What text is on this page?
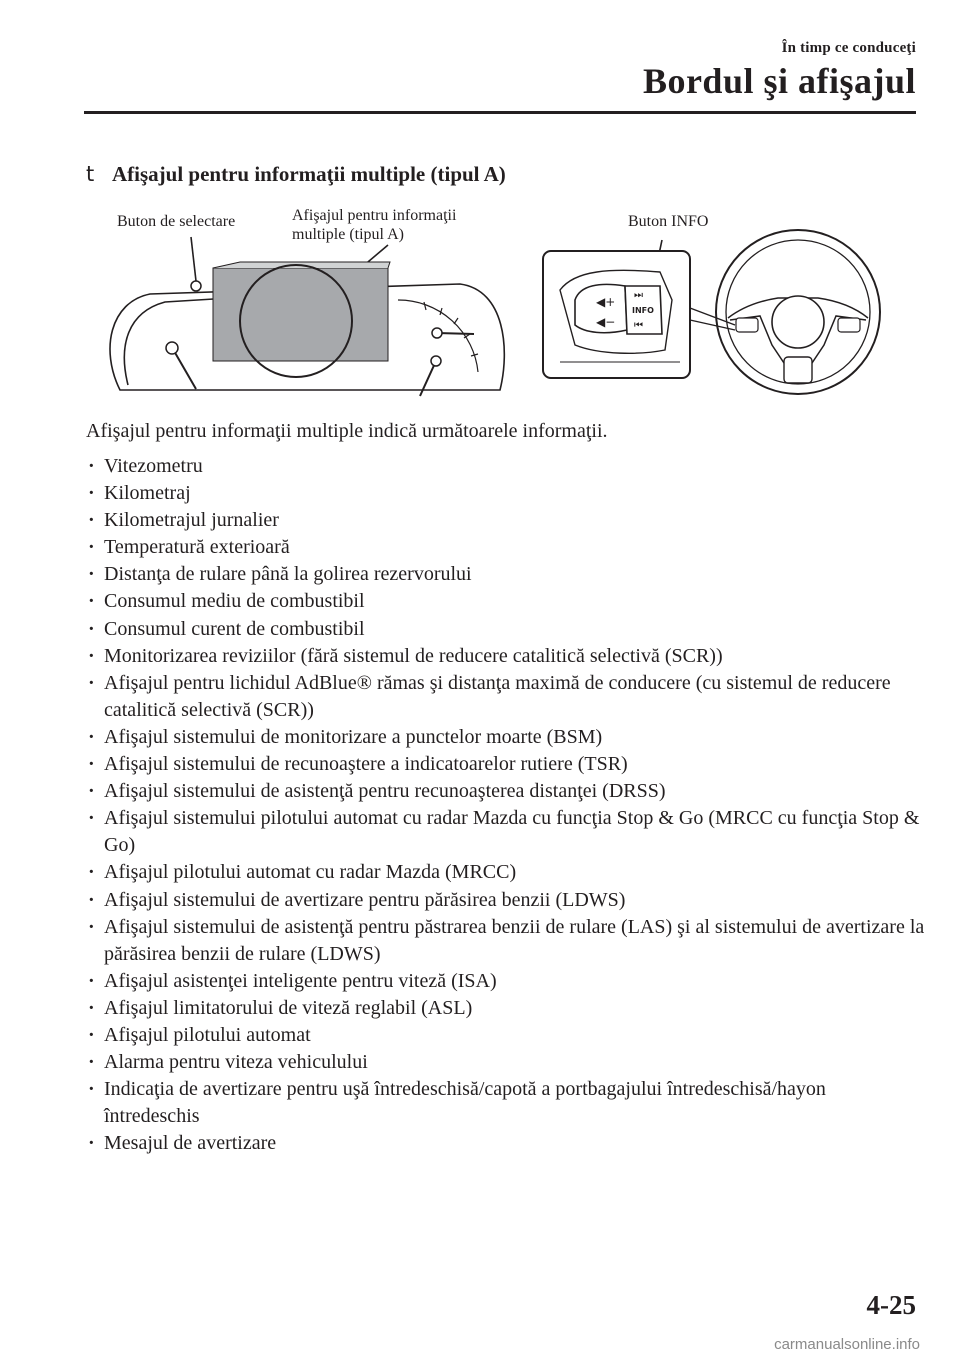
În timp ce conduceţi
Bordul şi afişajul
t Afişajul pentru informaţii multiple (tipul A)
Buton de selectare	Afişajul pentru informaţii
multiple (tipul A)
Buton INFO
◀+
◀−
⏭
⏮
INFO
Afişajul pentru informaţii multiple indică următoarele informaţii.
· Vitezometru
· Kilometraj
· Kilometrajul jurnalier
· Temperatură exterioară
· Distanţa de rulare până la golirea rezervorului
· Consumul mediu de combustibil
· Consumul curent de combustibil
· Monitorizarea reviziilor (fără sistemul de reducere catalitică selectivă (SCR))
· Afişajul pentru lichidul AdBlue® rămas şi distanţa maximă de conducere (cu sistemul de reducere catalitică selectivă (SCR))
· Afişajul sistemului de monitorizare a punctelor moarte (BSM)
· Afişajul sistemului de recunoaştere a indicatoarelor rutiere (TSR)
· Afişajul sistemului de asistenţă pentru recunoaşterea distanţei (DRSS)
· Afişajul sistemului pilotului automat cu radar Mazda cu funcţia Stop & Go (MRCC cu funcţia Stop & Go)
· Afişajul pilotului automat cu radar Mazda (MRCC)
· Afişajul sistemului de avertizare pentru părăsirea benzii (LDWS)
· Afişajul sistemului de asistenţă pentru păstrarea benzii de rulare (LAS) şi al sistemului de avertizare la părăsirea benzii de rulare (LDWS)
· Afişajul asistenţei inteligente pentru viteză (ISA)
· Afişajul limitatorului de viteză reglabil (ASL)
· Afişajul pilotului automat
· Alarma pentru viteza vehiculului
· Indicaţia de avertizare pentru uşă întredeschisă/capotă a portbagajului întredeschisă/hayon întredeschis
· Mesajul de avertizare
4-25
carmanualsonline.info
